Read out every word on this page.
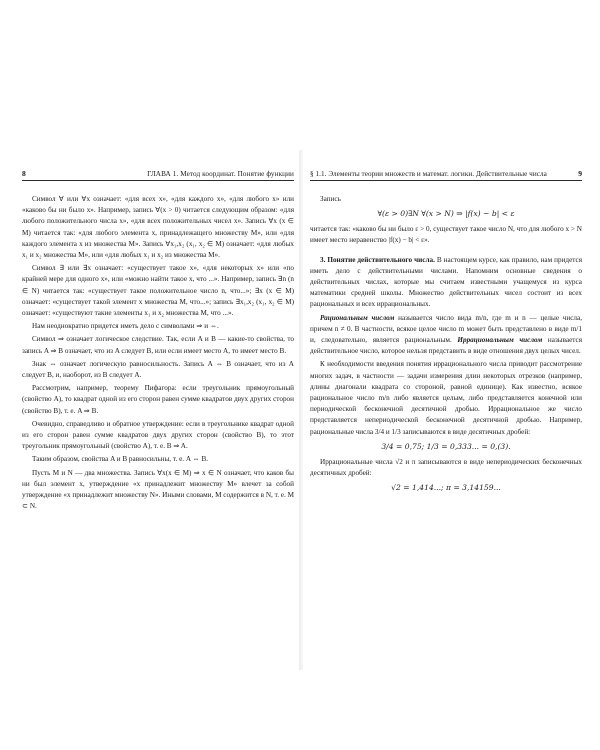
8	ГЛАВА 1. Метод координат. Понятие функции

Символ ∀ или ∀x означает: «для всех x», «для каждого x», «для любого x» или «каково бы ни было x». Например, запись ∀(x > 0) читается следующим образом: «для любого положительного числа x», «для всех положительных чисел x». Запись ∀x (x ∈ M) читается так: «для любого элемента x, принадлежащего множеству M», или «для каждого элемента x из множества M». Запись ∀x₁,x₂ (x₁, x₂ ∈ M) означает: «для любых x₁ и x₂ множества M», или «для любых x₁ и x₂ из множества M».

Символ ∃ или ∃x означает: «существует такое x», «для некоторых x» или «по крайней мере для одного x», или «можно найти такое x, что ...». Например, запись ∃n (n ∈ N) читается так: «существует такое положительное число n, что...»; ∃x (x ∈ M) означает: «существует такой элемент x множества M, что...»; запись ∃x₁,x₂ (x₁, x₂ ∈ M) означает: «существуют такие элементы x₁ и x₂ множества M, что ...».

Нам неоднократно придется иметь дело с символами ⇒ и ⇔.

Символ ⇒ означает логическое следствие. Так, если A и B — какие-то свойства, то запись A ⇒ B означает, что из A следует B, или если имеет место A, то имеет место B.

Знак ⇔ означает логическую равносильность. Запись A ⇔ B означает, что из A следует B, и, наоборот, из B следует A.

Рассмотрим, например, теорему Пифагора: если треугольник прямоугольный (свойство A), то квадрат одной из его сторон равен сумме квадратов двух других сторон (свойство B), т. е. A ⇒ B.

Очевидно, справедливо и обратное утверждение: если в треугольнике квадрат одной из его сторон равен сумме квадратов двух других сторон (свойство B), то этот треугольник прямоугольный (свойство A), т. е. B ⇒ A.

Таким образом, свойства A и B равносильны, т. е. A ⇔ B.

Пусть M и N — два множества. Запись ∀x(x ∈ M) ⇒ x ∈ N означает, что каков бы ни был элемент x, утверждение «x принадлежит множеству M» влечет за собой утверждение «x принадлежит множеству N». Иными словами, M содержится в N, т. е. M ⊂ N.

§ 1.1. Элементы теории множеств и математ. логики. Действительные числа	9

Запись

∀(ε > 0)∃N ∀(x > N) ⇒ |f(x) − b| < ε

читается так: «каково бы ни было ε > 0, существует такое число N, что для любого x > N имеет место неравенство |f(x) − b| < ε».

3. Понятие действительного числа. В настоящем курсе, как правило, нам придется иметь дело с действительными числами. Напомним основные сведения о действительных числах, которые мы считаем известными учащемуся из курса математики средней школы. Множество действительных чисел состоит из всех рациональных и всех иррациональных.

Рациональным числом называется число вида m/n, где m и n — целые числа, причем n ≠ 0. В частности, всякое целое число m может быть представлено в виде m/1 и, следовательно, является рациональным. Иррациональным числом называется действительное число, которое нельзя представить в виде отношения двух целых чисел.

К необходимости введения понятия иррационального числа приводит рассмотрение многих задач, в частности — задачи измерения длин некоторых отрезков (например, длины диагонали квадрата со стороной, равной единице). Как известно, всякое рациональное число m/n либо является целым, либо представляется конечной или периодической бесконечной десятичной дробью. Иррациональное же число представляется непериодической бесконечной десятичной дробью. Например, рациональные числа 3/4 и 1/3 записываются в виде десятичных дробей:

3/4 = 0,75; 1/3 = 0,333... = 0,(3).

Иррациональные числа √2 и π записываются в виде непериодических бесконечных десятичных дробей:

√2 = 1,414...; π = 3,14159...
